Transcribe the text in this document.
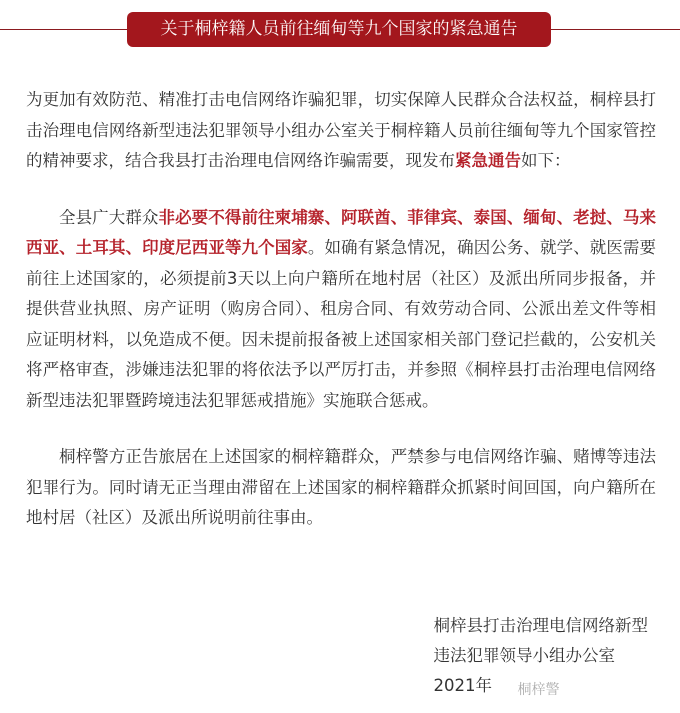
关于桐梓籍人员前往缅甸等九个国家的紧急通告

为更加有效防范、精准打击电信网络诈骗犯罪，切实保障人民群众合法权益，桐梓县打击治理电信网络新型违法犯罪领导小组办公室关于桐梓籍人员前往缅甸等九个国家管控的精神要求，结合我县打击治理电信网络诈骗需要，现发布紧急通告如下：

全县广大群众非必要不得前往柬埔寨、阿联酋、菲律宾、泰国、缅甸、老挝、马来西亚、土耳其、印度尼西亚等九个国家。如确有紧急情况，确因公务、就学、就医需要前往上述国家的，必须提前3天以上向户籍所在地村居（社区）及派出所同步报备，并提供营业执照、房产证明（购房合同）、租房合同、有效劳动合同、公派出差文件等相应证明材料，以免造成不便。因未提前报备被上述国家相关部门登记拦截的，公安机关将严格审查，涉嫌违法犯罪的将依法予以严厉打击，并参照《桐梓县打击治理电信网络新型违法犯罪暨跨境违法犯罪惩戒措施》实施联合惩戒。

桐梓警方正告旅居在上述国家的桐梓籍群众，严禁参与电信网络诈骗、赌博等违法犯罪行为。同时请无正当理由滞留在上述国家的桐梓籍群众抓紧时间回国，向户籍所在地村居（社区）及派出所说明前往事由。

桐梓县打击治理电信网络新型
违法犯罪领导小组办公室
2021年 桐梓警
